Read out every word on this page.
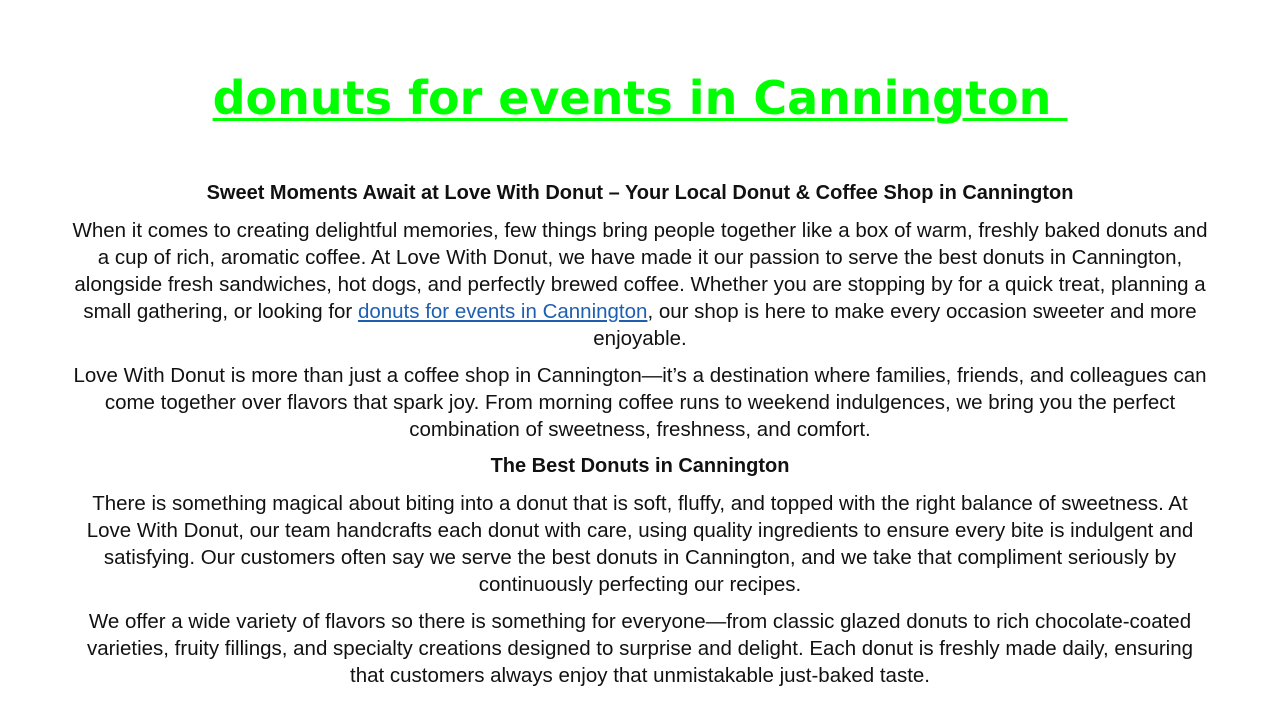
donuts for events in Cannington

Sweet Moments Await at Love With Donut – Your Local Donut & Coffee Shop in Cannington

When it comes to creating delightful memories, few things bring people together like a box of warm, freshly baked donuts and a cup of rich, aromatic coffee. At Love With Donut, we have made it our passion to serve the best donuts in Cannington, alongside fresh sandwiches, hot dogs, and perfectly brewed coffee. Whether you are stopping by for a quick treat, planning a small gathering, or looking for donuts for events in Cannington, our shop is here to make every occasion sweeter and more enjoyable.

Love With Donut is more than just a coffee shop in Cannington—it’s a destination where families, friends, and colleagues can come together over flavors that spark joy. From morning coffee runs to weekend indulgences, we bring you the perfect combination of sweetness, freshness, and comfort.

The Best Donuts in Cannington

There is something magical about biting into a donut that is soft, fluffy, and topped with the right balance of sweetness. At Love With Donut, our team handcrafts each donut with care, using quality ingredients to ensure every bite is indulgent and satisfying. Our customers often say we serve the best donuts in Cannington, and we take that compliment seriously by continuously perfecting our recipes.

We offer a wide variety of flavors so there is something for everyone—from classic glazed donuts to rich chocolate-coated varieties, fruity fillings, and specialty creations designed to surprise and delight. Each donut is freshly made daily, ensuring that customers always enjoy that unmistakable just-baked taste.
